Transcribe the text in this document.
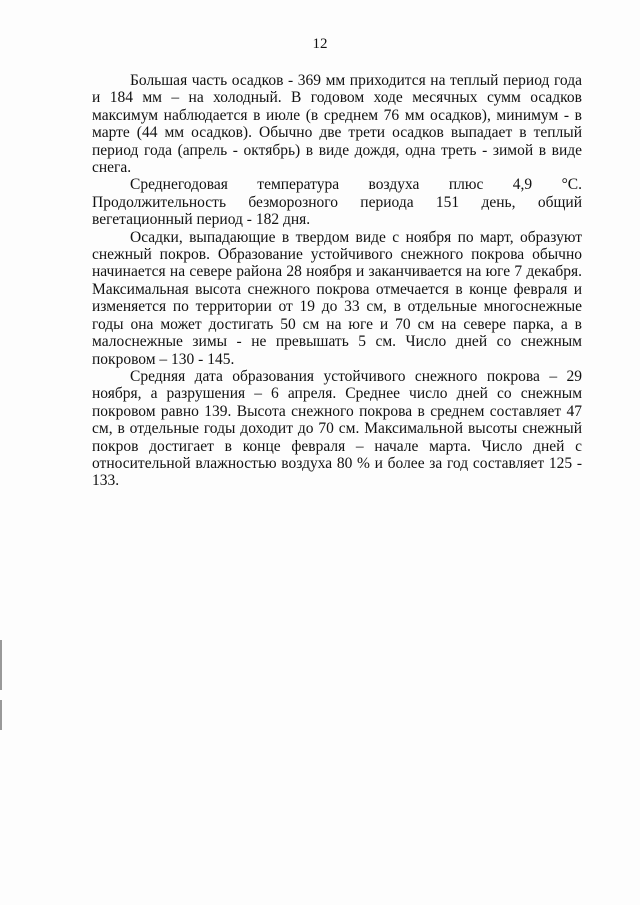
12

Большая часть осадков - 369 мм приходится на теплый период года и 184 мм – на холодный. В годовом ходе месячных сумм осадков максимум наблюдается в июле (в среднем 76 мм осадков), минимум - в марте (44 мм осадков). Обычно две трети осадков выпадает в теплый период года (апрель - октябрь) в виде дождя, одна треть - зимой в виде снега.

Среднегодовая температура воздуха плюс 4,9 °С. Продолжительность безморозного периода 151 день, общий вегетационный период - 182 дня.

Осадки, выпадающие в твердом виде с ноября по март, образуют снежный покров. Образование устойчивого снежного покрова обычно начинается на севере района 28 ноября и заканчивается на юге 7 декабря. Максимальная высота снежного покрова отмечается в конце февраля и изменяется по территории от 19 до 33 см, в отдельные многоснежные годы она может достигать 50 см на юге и 70 см на севере парка, а в малоснежные зимы - не превышать 5 см. Число дней со снежным покровом – 130 - 145.

Средняя дата образования устойчивого снежного покрова – 29 ноября, а разрушения – 6 апреля. Среднее число дней со снежным покровом равно 139. Высота снежного покрова в среднем составляет 47 см, в отдельные годы доходит до 70 см. Максимальной высоты снежный покров достигает в конце февраля – начале марта. Число дней с относительной влажностью воздуха 80 % и более за год составляет 125 - 133.
